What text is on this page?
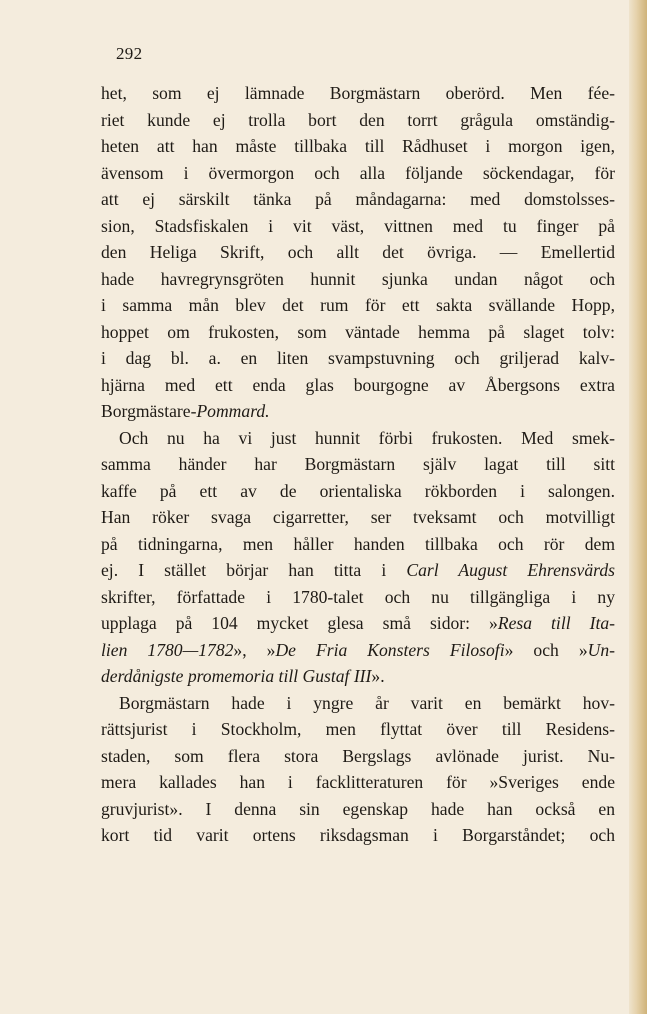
292
het, som ej lämnade Borgmästarn oberörd. Men fée-
riet kunde ej trolla bort den torrt grågula omständig-
heten att han måste tillbaka till Rådhuset i morgon igen,
ävensom i övermorgon och alla följande söckendagar, för
att ej särskilt tänka på måndagarna: med domstolsses-
sion, Stadsfiskalen i vit väst, vittnen med tu finger på
den Heliga Skrift, och allt det övriga. — Emellertid
hade havregrynsgröten hunnit sjunka undan något och
i samma mån blev det rum för ett sakta svällande Hopp,
hoppet om frukosten, som väntade hemma på slaget tolv:
i dag bl. a. en liten svampstuvning och griljerad kalv-
hjärna med ett enda glas bourgogne av Åbergsons extra
Borgmästare-Pommard.
Och nu ha vi just hunnit förbi frukosten. Med smek-
samma händer har Borgmästarn själv lagat till sitt
kaffe på ett av de orientaliska rökborden i salongen.
Han röker svaga cigarretter, ser tveksamt och motvilligt
på tidningarna, men håller handen tillbaka och rör dem
ej. I stället börjar han titta i Carl August Ehrensvärds
skrifter, författade i 1780-talet och nu tillgängliga i ny
upplaga på 104 mycket glesa små sidor: »Resa till Ita-
lien 1780—1782», »De Fria Konsters Filosofi» och »Un-
derdånigste promemoria till Gustaf III».
Borgmästarn hade i yngre år varit en bemärkt hov-
rättsjurist i Stockholm, men flyttat över till Residens-
staden, som flera stora Bergslags avlönade jurist. Nu-
mera kallades han i facklitteraturen för »Sveriges ende
gruvjurist». I denna sin egenskap hade han också en
kort tid varit ortens riksdagsman i Borgarståndet; och
